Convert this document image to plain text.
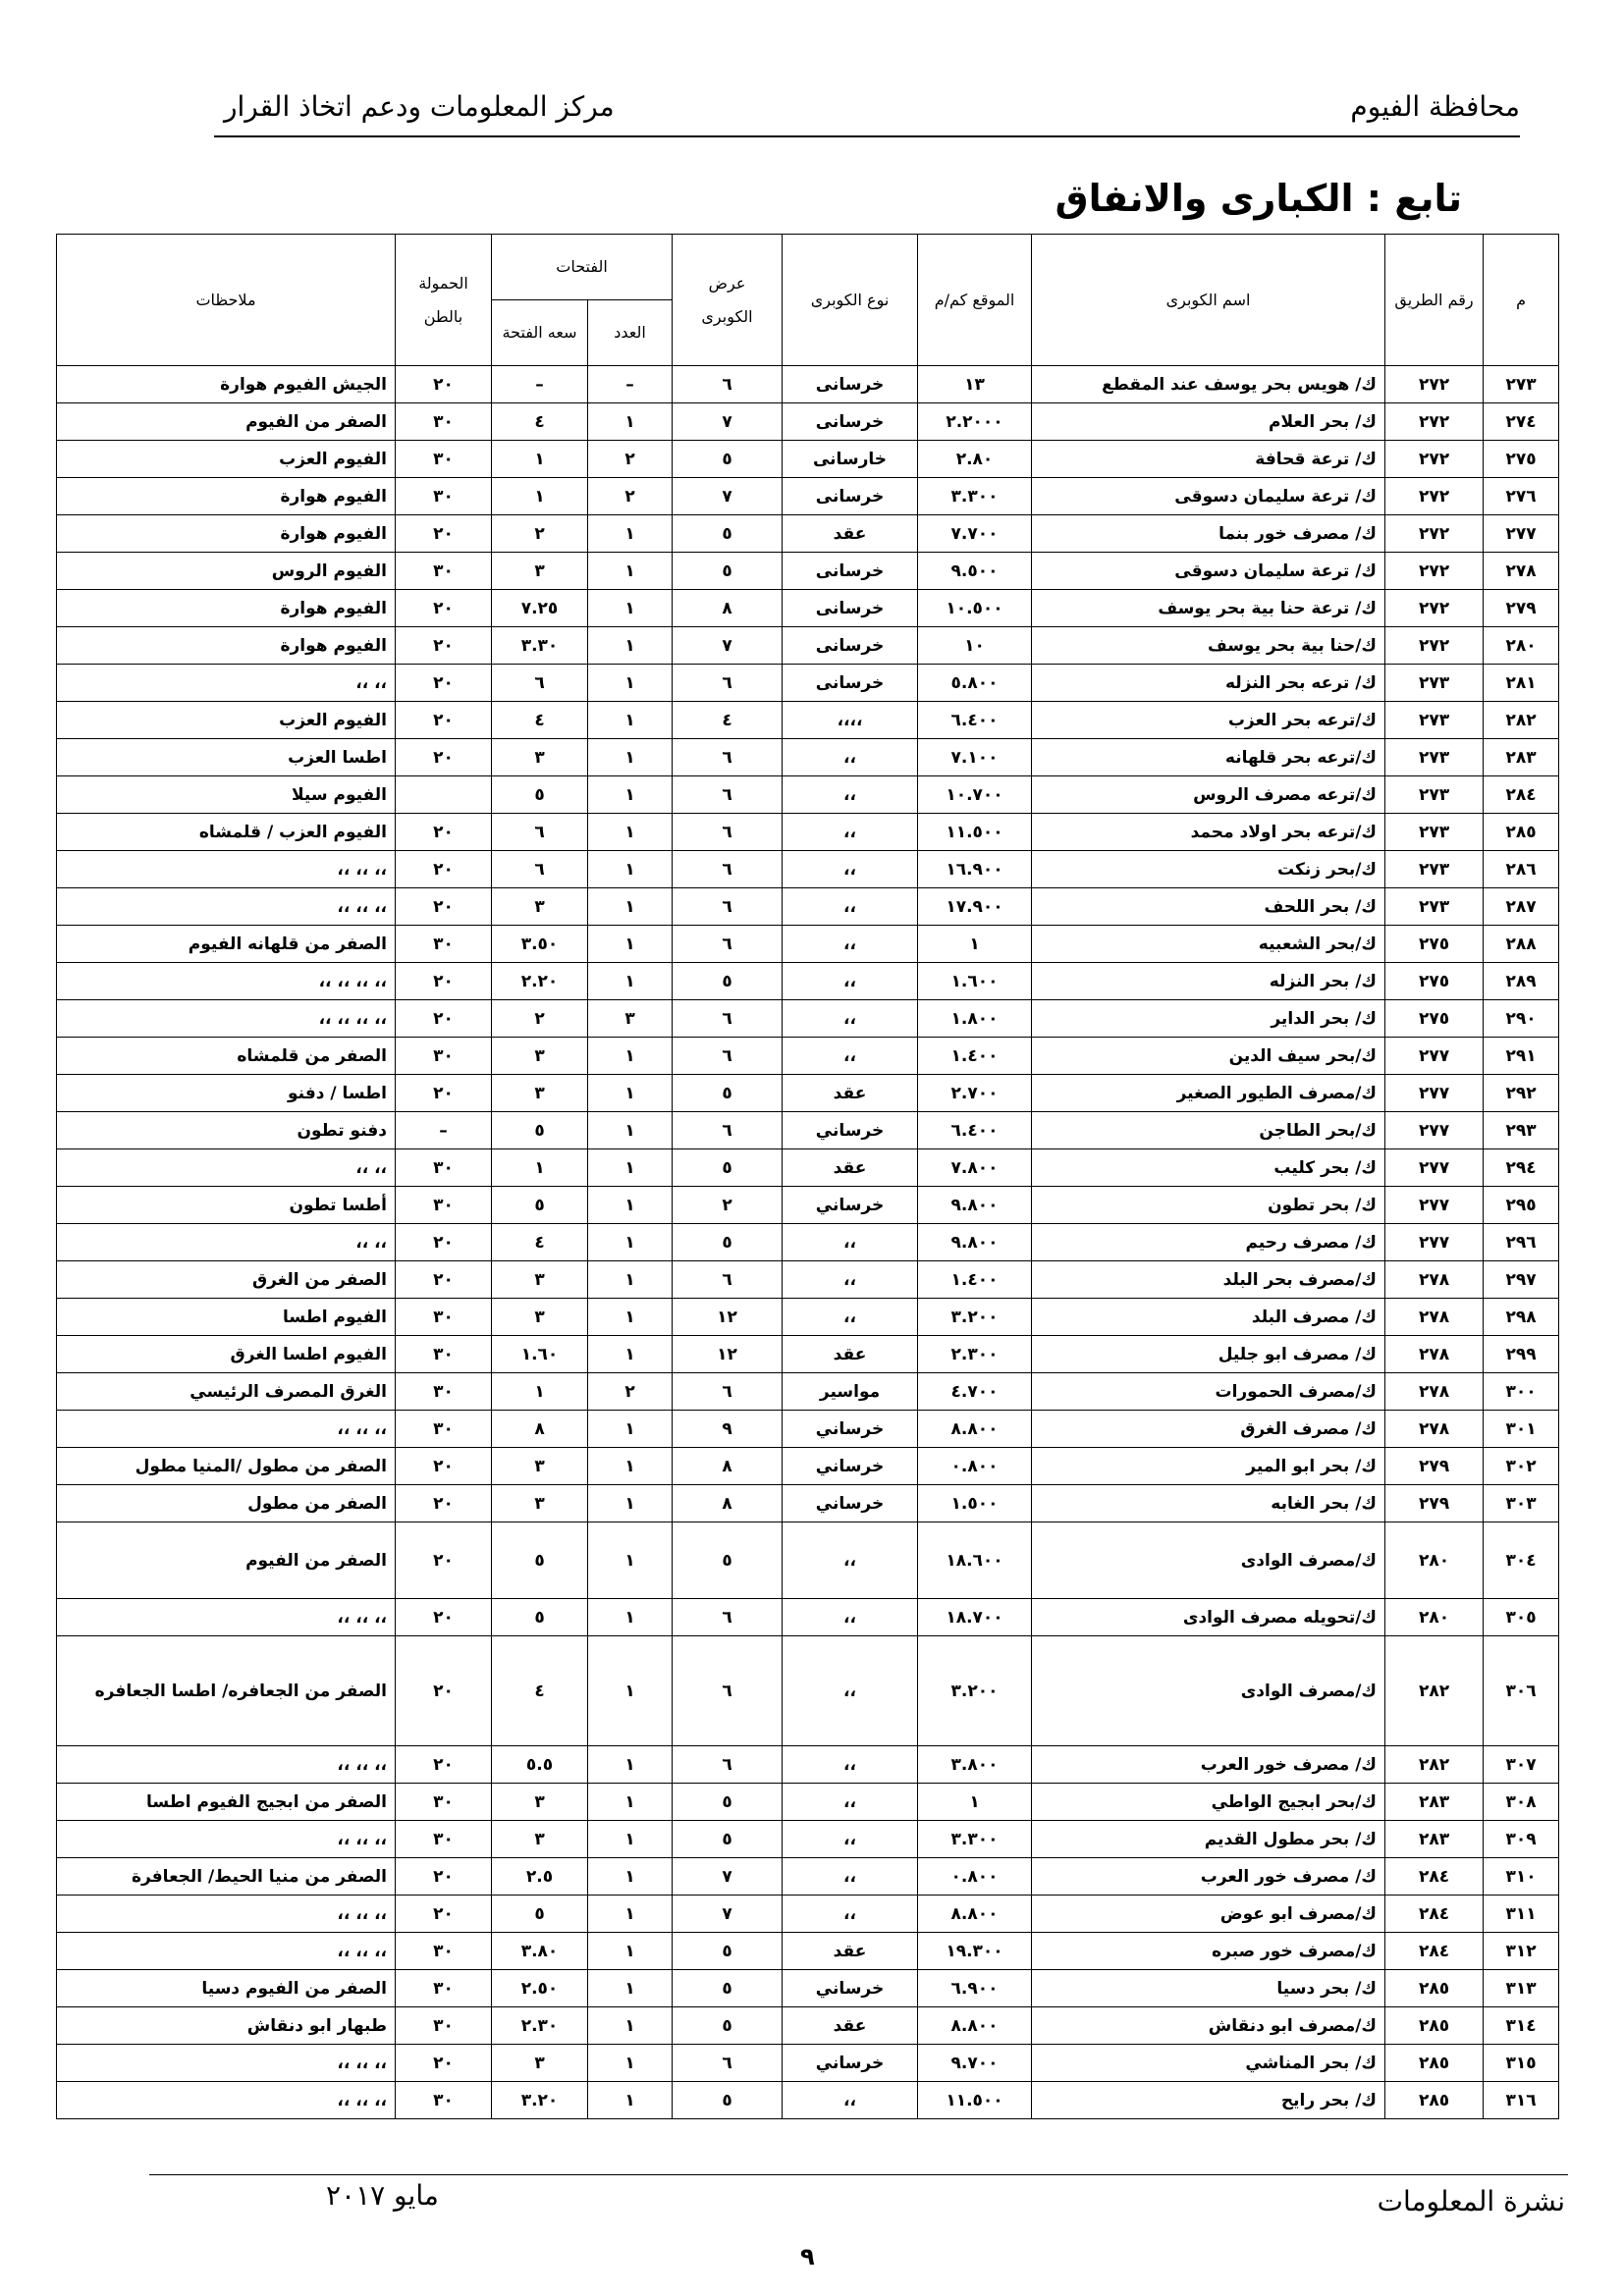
مركز المعلومات ودعم اتخاذ القرار	محافظة الفيوم
تابع : الكبارى والانفاق
م	رقم الطريق	اسم الكوبرى	الموقع كم/م	نوع الكوبرى	عرض الكوبرى	الفتحات		الحمولة بالطن	ملاحظات
						العدد	سعه الفتحة		
٢٧٣	٢٧٢	ك/ هويس بحر يوسف عند المقطع	١٣	خرسانى	٦	–	–	٢٠	الجيش الفيوم هوارة
٢٧٤	٢٧٢	ك/ بحر العلام	٢.٢٠٠٠	خرسانى	٧	١	٤	٣٠	الصفر من الفيوم
٢٧٥	٢٧٢	ك/ ترعة قحافة	٢.٨٠	خارسانى	٥	٢	١	٣٠	الفيوم العزب
٢٧٦	٢٧٢	ك/ ترعة سليمان دسوقى	٣.٣٠٠	خرسانى	٧	٢	١	٣٠	الفيوم هوارة
٢٧٧	٢٧٢	ك/ مصرف خور بنما	٧.٧٠٠	عقد	٥	١	٢	٢٠	الفيوم هوارة
٢٧٨	٢٧٢	ك/ ترعة سليمان دسوقى	٩.٥٠٠	خرسانى	٥	١	٣	٣٠	الفيوم الروس
٢٧٩	٢٧٢	ك/ ترعة حنا بية بحر يوسف	١٠.٥٠٠	خرسانى	٨	١	٧.٢٥	٢٠	الفيوم هوارة
٢٨٠	٢٧٢	ك/حنا بية بحر يوسف	١٠	خرسانى	٧	١	٣.٣٠	٢٠	الفيوم هوارة
٢٨١	٢٧٣	ك/ ترعه بحر النزله	٥.٨٠٠	خرسانى	٦	١	٦	٢٠	،، ،،
٢٨٢	٢٧٣	ك/ترعه بحر العزب	٦.٤٠٠	،،،،	٤	١	٤	٢٠	الفيوم العزب
٢٨٣	٢٧٣	ك/ترعه بحر قلهانه	٧.١٠٠	،،	٦	١	٣	٢٠	اطسا العزب
٢٨٤	٢٧٣	ك/ترعه مصرف الروس	١٠.٧٠٠	،،	٦	١	٥		الفيوم سيلا
٢٨٥	٢٧٣	ك/ترعه بحر اولاد محمد	١١.٥٠٠	،،	٦	١	٦	٢٠	الفيوم العزب / قلمشاه
٢٨٦	٢٧٣	ك/بحر زنكت	١٦.٩٠٠	،،	٦	١	٦	٢٠	،، ،، ،،
٢٨٧	٢٧٣	ك/ بحر اللحف	١٧.٩٠٠	،،	٦	١	٣	٢٠	،، ،، ،،
٢٨٨	٢٧٥	ك/بحر الشعبيه	١	،،	٦	١	٣.٥٠	٣٠	الصفر من قلهانه الفيوم
٢٨٩	٢٧٥	ك/ بحر النزله	١.٦٠٠	،،	٥	١	٢.٢٠	٢٠	،، ،، ،، ،،
٢٩٠	٢٧٥	ك/ بحر الداير	١.٨٠٠	،،	٦	٣	٢	٢٠	،، ،، ،، ،،
٢٩١	٢٧٧	ك/بحر سيف الدين	١.٤٠٠	،،	٦	١	٣	٣٠	الصفر من قلمشاه
٢٩٢	٢٧٧	ك/مصرف الطيور الصغير	٢.٧٠٠	عقد	٥	١	٣	٢٠	اطسا / دفنو
٢٩٣	٢٧٧	ك/بحر الطاجن	٦.٤٠٠	خرساني	٦	١	٥	–	دفنو تطون
٢٩٤	٢٧٧	ك/ بحر كليب	٧.٨٠٠	عقد	٥	١	١	٣٠	،، ،،
٢٩٥	٢٧٧	ك/ بحر تطون	٩.٨٠٠	خرساني	٢	١	٥	٣٠	أطسا تطون
٢٩٦	٢٧٧	ك/ مصرف رحيم	٩.٨٠٠	،،	٥	١	٤	٢٠	،، ،،
٢٩٧	٢٧٨	ك/مصرف بحر البلد	١.٤٠٠	،،	٦	١	٣	٢٠	الصفر من الغرق
٢٩٨	٢٧٨	ك/ مصرف البلد	٣.٢٠٠	،،	١٢	١	٣	٣٠	الفيوم اطسا
٢٩٩	٢٧٨	ك/ مصرف ابو جليل	٢.٣٠٠	عقد	١٢	١	١.٦٠	٣٠	الفيوم اطسا الغرق
٣٠٠	٢٧٨	ك/مصرف الحمورات	٤.٧٠٠	مواسير	٦	٢	١	٣٠	الغرق المصرف الرئيسي
٣٠١	٢٧٨	ك/ مصرف الغرق	٨.٨٠٠	خرساني	٩	١	٨	٣٠	،، ،، ،،
٣٠٢	٢٧٩	ك/ بحر ابو المير	٠.٨٠٠	خرساني	٨	١	٣	٢٠	الصفر من مطول /المنيا مطول
٣٠٣	٢٧٩	ك/ بحر الغابه	١.٥٠٠	خرساني	٨	١	٣	٢٠	الصفر من مطول
٣٠٤	٢٨٠	ك/مصرف الوادى	١٨.٦٠٠	،،	٥	١	٥	٢٠	الصفر من الفيوم
٣٠٥	٢٨٠	ك/تحويله مصرف الوادى	١٨.٧٠٠	،،	٦	١	٥	٢٠	،، ،، ،،
٣٠٦	٢٨٢	ك/مصرف الوادى	٣.٢٠٠	،،	٦	١	٤	٢٠	الصفر من الجعافره/ اطسا الجعافره
٣٠٧	٢٨٢	ك/ مصرف خور العرب	٣.٨٠٠	،،	٦	١	٥.٥	٢٠	،، ،، ،،
٣٠٨	٢٨٣	ك/بحر ابجيج الواطي	١	،،	٥	١	٣	٣٠	الصفر من ابجيج الفيوم اطسا
٣٠٩	٢٨٣	ك/ بحر مطول القديم	٣.٣٠٠	،،	٥	١	٣	٣٠	،، ،، ،،
٣١٠	٢٨٤	ك/ مصرف خور العرب	٠.٨٠٠	،،	٧	١	٢.٥	٢٠	الصفر من منيا الحيط/ الجعافرة
٣١١	٢٨٤	ك/مصرف ابو عوض	٨.٨٠٠	،،	٧	١	٥	٢٠	،، ،، ،،
٣١٢	٢٨٤	ك/مصرف خور صبره	١٩.٣٠٠	عقد	٥	١	٣.٨٠	٣٠	،، ،، ،،
٣١٣	٢٨٥	ك/ بحر دسيا	٦.٩٠٠	خرساني	٥	١	٢.٥٠	٣٠	الصفر من الفيوم دسيا
٣١٤	٢٨٥	ك/مصرف ابو دنقاش	٨.٨٠٠	عقد	٥	١	٢.٣٠	٣٠	طبهار ابو دنقاش
٣١٥	٢٨٥	ك/ بحر المناشي	٩.٧٠٠	خرساني	٦	١	٣	٢٠	،، ،، ،،
٣١٦	٢٨٥	ك/ بحر رايح	١١.٥٠٠	،،	٥	١	٣.٢٠	٣٠	،، ،، ،،
نشرة المعلومات
مايو ٢٠١٧
٩
